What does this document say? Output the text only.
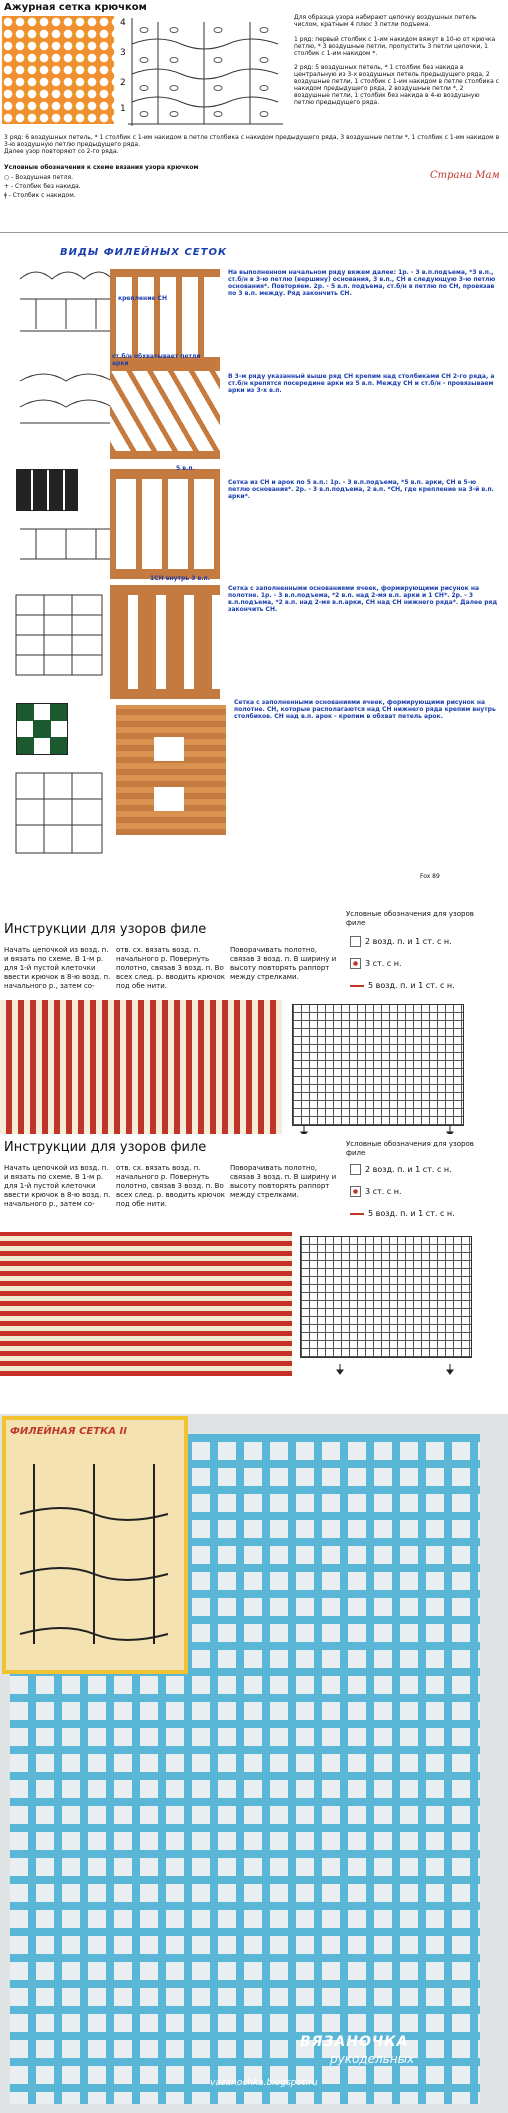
Ажурная сетка крючком
4
3
2
1
Для образца узора набирают цепочку воздушных петель числом, кратным 4 плюс 3 петли подъема.
1 ряд: первый столбик с 1-им накидом вяжут в 10-ю от крючка петлю, * 3 воздушные петли, пропустить 3 петли цепочки, 1 столбик с 1-им накидом *.
2 ряд: 5 воздушных петель, * 1 столбик без накида в центральную из 3-х воздушных петель предыдущего ряда, 2 воздушные петли, 1 столбик с 1-им накидом в петле столбика с накидом предыдущего ряда, 2 воздушные петли *, 2 воздушные петли, 1 столбик без накида в 4-ю воздушную петлю предыдущего ряда.
3 ряд: 6 воздушных петель, * 1 столбик с 1-им накидом в петле столбика с накидом предыдущего ряда, 3 воздушные петли *, 1 столбик с 1-им накидом в 3-ю воздушную петлю предыдущего ряда.
Далее узор повторяют со 2-го ряда.
Условные обозначения к схеме вязания узора крючком
○ - Воздушная петля.
+ - Столбик без накида.
ǂ - Столбик с накидом.
Страна Мам
ВИДЫ ФИЛЕЙНЫХ СЕТОК
крепление СН
На выполненном начальном ряду вяжем далее: 1р. - 3 в.п.подъема, *3 в.п., ст.б/н в 3-ю петлю (вершину) основания, 3 в.п., СН в следующую 3-ю петлю основания*. Повторяем. 2р. - 5 в.п. подъема, ст.б/н в петлю по СН, провязав по 3 в.п. между. Ряд закончить СН.
ст.б/н обхватывает петли арки
В 3-м ряду указанный выше ряд СН крепим над столбиками СН 2-го ряда, а ст.б/н крепятся посередине арки из 5 в.п. Между СН и ст.б/н - провязываем арки из 3-х в.п.
5 в.п.
Сетка из СН и арок по 5 в.п.: 1р. - 3 в.п.подъема, *5 в.п. арки, СН в 5-ю петлю основания*. 2р. - 3 в.п.подъема, 2 в.п. *СН, где крепление на 3-й в.п. арки*.
1СН внутрь 3 в.п.
Сетка с заполненными основаниями ячеек, формирующими рисунок на полотне. 1р. - 3 в.п.подъема, *2 в.п. над 2-мя в.п. арки и 1 СН*. 2р. - 3 в.п.подъема, *2 в.п. над 2-мя в.п.арки, СН над СН нижнего ряда*. Далее ряд закончить СН.
Сетка с заполненными основаниями ячеек, формирующими рисунок на полотне. СН, которые располагаются над СН нижнего ряда крепим внутрь столбиков. СН над в.п. арок - крепим в обхват петель арок.
Fox 89
Инструкции для узоров филе
Начать цепочкой из возд. п. и вязать по схеме. В 1-м р. для 1-й пустой клеточки ввести крючок в 8-ю возд. п. начального р., затем со-
отв. сх. вязать возд. п. начального р. Повернуть полотно, связав 3 возд. п. Во всех след. р. вводить крючок под обе нити.
Поворачивать полотно, связав 3 возд. п. В ширину и высоту повторять раппорт между стрелками.
Условные обозначения для узоров филе
2 возд. п. и 1 ст. с н.
3 ст. с н.
5 возд. п. и 1 ст. с н.
Инструкции для узоров филе
Начать цепочкой из возд. п. и вязать по схеме. В 1-м р. для 1-й пустой клеточки ввести крючок в 8-ю возд. п. начального р., затем со-
отв. сх. вязать возд. п. начального р. Повернуть полотно, связав 3 возд. п. Во всех след. р. вводить крючок под обе нити.
Поворачивать полотно, связав 3 возд. п. В ширину и высоту повторять раппорт между стрелками.
Условные обозначения для узоров филе
2 возд. п. и 1 ст. с н.
3 ст. с н.
5 возд. п. и 1 ст. с н.
ФИЛЕЙНАЯ СЕТКА II
ВЯЗАНОЧКА
рукодельных
vazanochka.blogspot.ru
